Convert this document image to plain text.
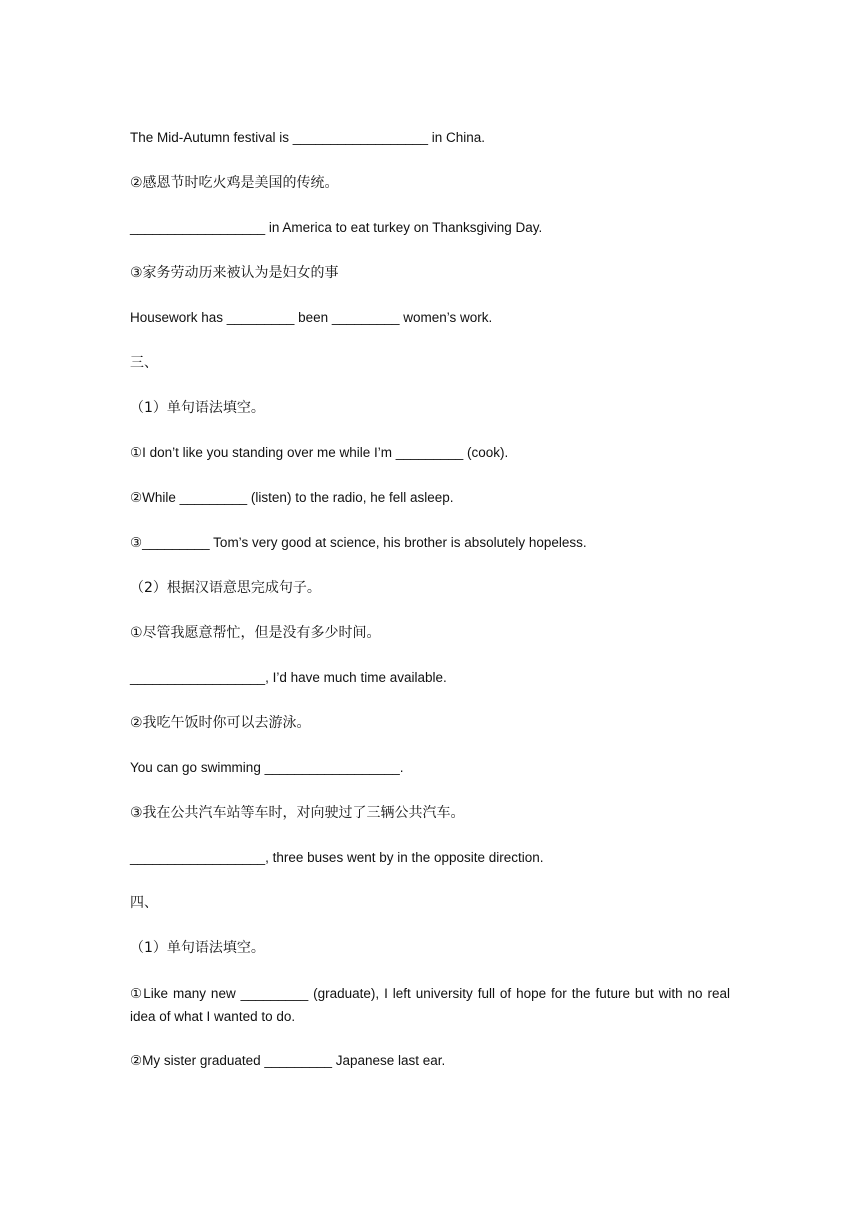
The Mid-Autumn festival is __________________ in China.
②感恩节时吃火鸡是美国的传统。
__________________ in America to eat turkey on Thanksgiving Day.
③家务劳动历来被认为是妇女的事
Housework has _________ been _________ women’s work.
三、
（1）单句语法填空。
①I don’t like you standing over me while I’m _________ (cook).
②While _________ (listen) to the radio, he fell asleep.
③_________ Tom’s very good at science, his brother is absolutely hopeless.
（2）根据汉语意思完成句子。
①尽管我愿意帮忙，但是没有多少时间。
__________________, I’d have much time available.
②我吃午饭时你可以去游泳。
You can go swimming __________________.
③我在公共汽车站等车时，对向驶过了三辆公共汽车。
__________________, three buses went by in the opposite direction.
四、
（1）单句语法填空。
①Like many new _________ (graduate), I left university full of hope for the future but with no real idea of what I wanted to do.
②My sister graduated _________ Japanese last ear.
